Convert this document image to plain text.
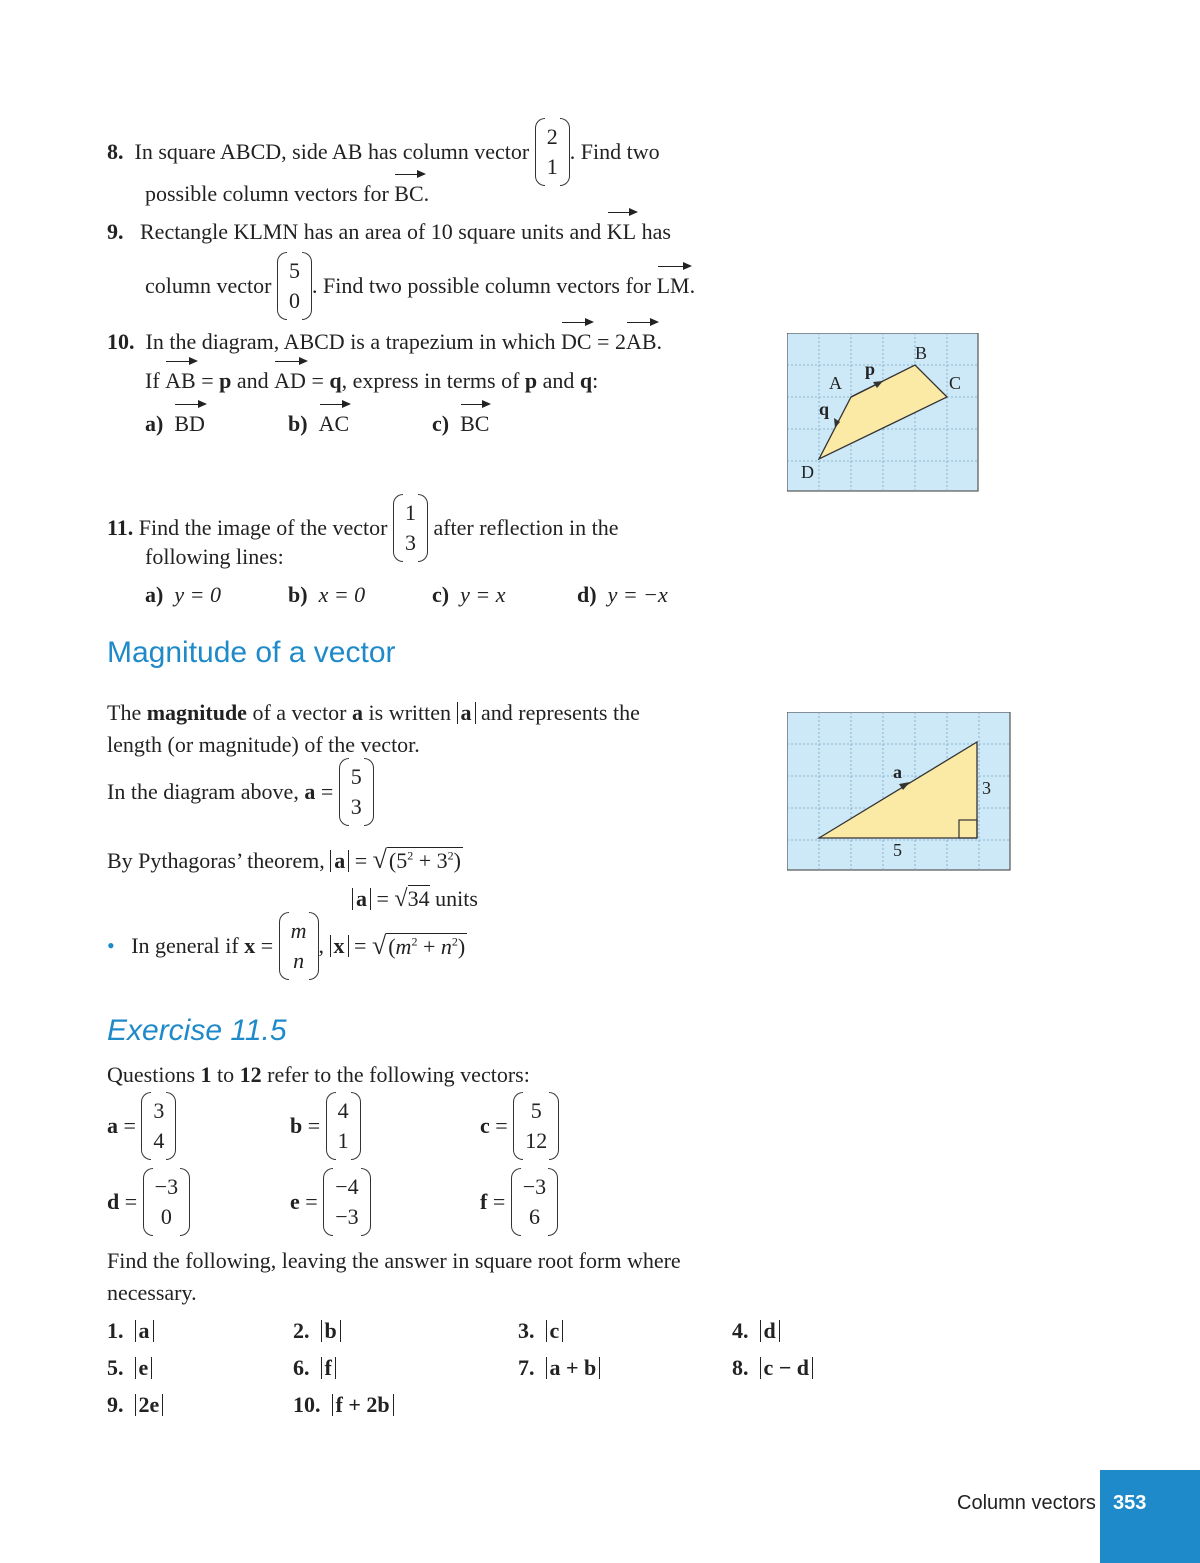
8.
In square ABCD, side AB has column vector

2
1
. Find two
possible column vectors for BC.
9. Rectangle KLMN has an area of 10 square units and KL has
column vector

5
0
. Find two possible column vectors for
LM .
10. In the diagram, ABCD is a trapezium in which DC = 2AB.
If AB = p and AD = q, express in terms of p and q:
a) BD	b) AC	c) BC
A
B
C
D
p
q
11.
Find the image of the vector

1
3

after reflection in the
following lines:
a) y = 0	b) x = 0	c) y = x	d) y = −x
Magnitude of a vector
The magnitude of a vector a is written a and represents the
length (or magnitude) of the vector.
In the diagram above,
a
=

5
3
By Pythagoras’ theorem, $a = √(5^2 + 3^2)$
a = √34 units
•
In general if
x
=

m
n
,
x
=
√ $(m^2 + n^2)$
a
5
3
Exercise 11.5
Questions 1 to 12 refer to the following vectors:
a
=

3
4
b
=

4
1
c
=

5
12
d
=

−3
0
e
=

−4
−3
f
=

−3
6
Find the following, leaving the answer in square root form where
necessary.
1. a	2. b	3. c	4. d
5. e	6. f	7. a + b	8. c − d
9. 2e	10. f + 2b
Column vectors 353
